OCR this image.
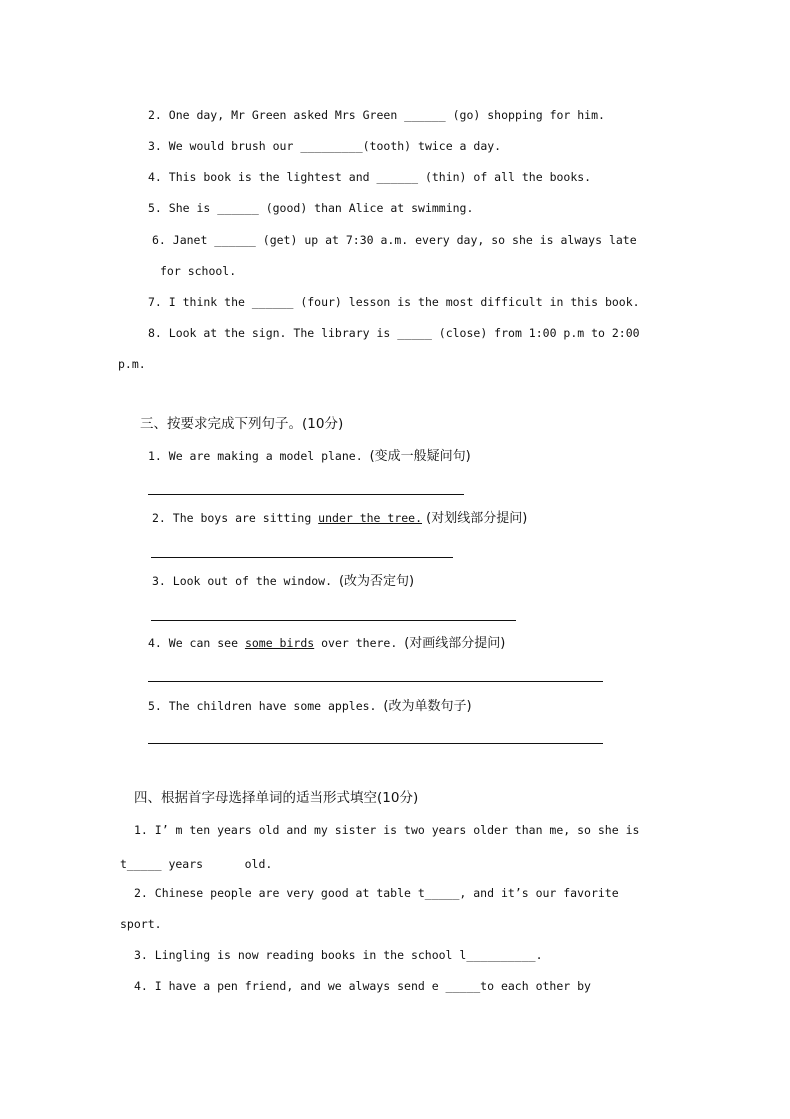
2. One day, Mr Green asked Mrs Green ______ (go) shopping for him.
3. We would brush our _________(tooth) twice a day.
4. This book is the lightest and ______ (thin) of all the books.
5. She is ______ (good) than Alice at swimming.
6. Janet ______ (get) up at 7:30 a.m. every day, so she is always late
for school.
7. I think the ______ (four) lesson is the most difficult in this book.
8. Look at the sign. The library is _____ (close) from 1:00 p.m to 2:00
p.m.
三、按要求完成下列句子。(10分)
1. We are making a model plane. (变成一般疑问句)
2. The boys are sitting under the tree. (对划线部分提问)
3. Look out of the window. (改为否定句)
4. We can see some birds over there. (对画线部分提问)
5. The children have some apples. (改为单数句子)
四、根据首字母选择单词的适当形式填空(10分)
1. I’ m ten years old and my sister is two years older than me, so she is
t_____ years      old.
2. Chinese people are very good at table t_____, and it’s our favorite
sport.
3. Lingling is now reading books in the school l__________.
4. I have a pen friend, and we always send e _____to each other by
